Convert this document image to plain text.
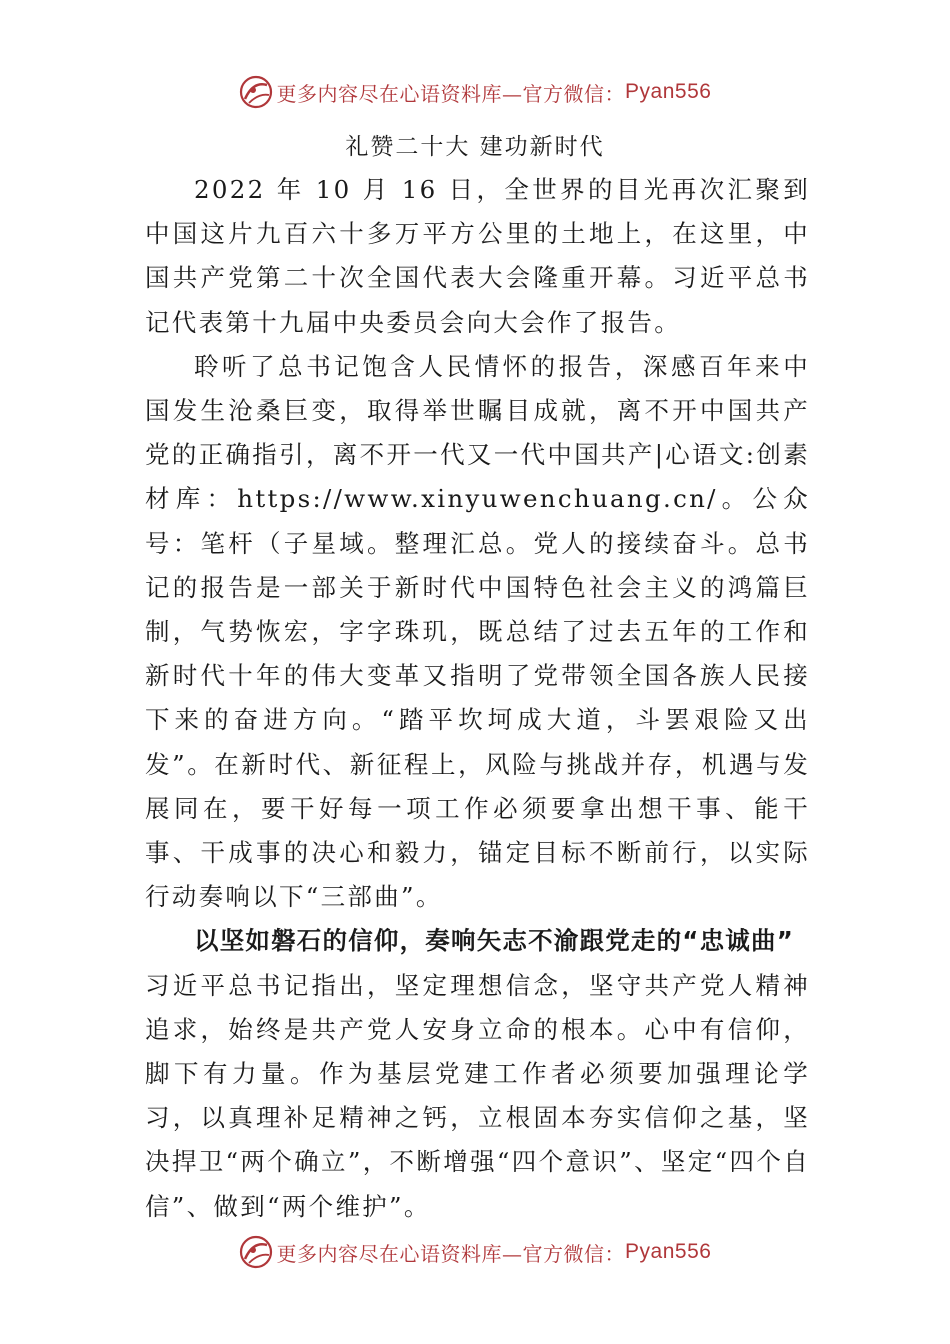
更多内容尽在心语资料库—官方微信： Pyan556
礼赞二十大 建功新时代

2022 年 10 月 16 日，全世界的目光再次汇聚到中国这片九百六十多万平方公里的土地上，在这里，中国共产党第二十次全国代表大会隆重开幕。习近平总书记代表第十九届中央委员会向大会作了报告。

聆听了总书记饱含人民情怀的报告，深感百年来中国发生沧桑巨变，取得举世瞩目成就，离不开中国共产党的正确指引，离不开一代又一代中国共产|心语文:创素材库：https://www.xinyuwenchuang.cn/。公众号：笔杆（子星域。整理汇总。党人的接续奋斗。总书记的报告是一部关于新时代中国特色社会主义的鸿篇巨制，气势恢宏，字字珠玑，既总结了过去五年的工作和新时代十年的伟大变革又指明了党带领全国各族人民接下来的奋进方向。“踏平坎坷成大道，斗罢艰险又出发”。在新时代、新征程上，风险与挑战并存，机遇与发展同在，要干好每一项工作必须要拿出想干事、能干事、干成事的决心和毅力，锚定目标不断前行，以实际行动奏响以下“三部曲”。

以坚如磐石的信仰，奏响矢志不渝跟党走的“忠诚曲”

习近平总书记指出，坚定理想信念，坚守共产党人精神追求，始终是共产党人安身立命的根本。心中有信仰，脚下有力量。作为基层党建工作者必须要加强理论学习，以真理补足精神之钙，立根固本夯实信仰之基，坚决捍卫“两个确立”，不断增强“四个意识”、坚定“四个自信”、做到“两个维护”。

更多内容尽在心语资料库—官方微信： Pyan556
